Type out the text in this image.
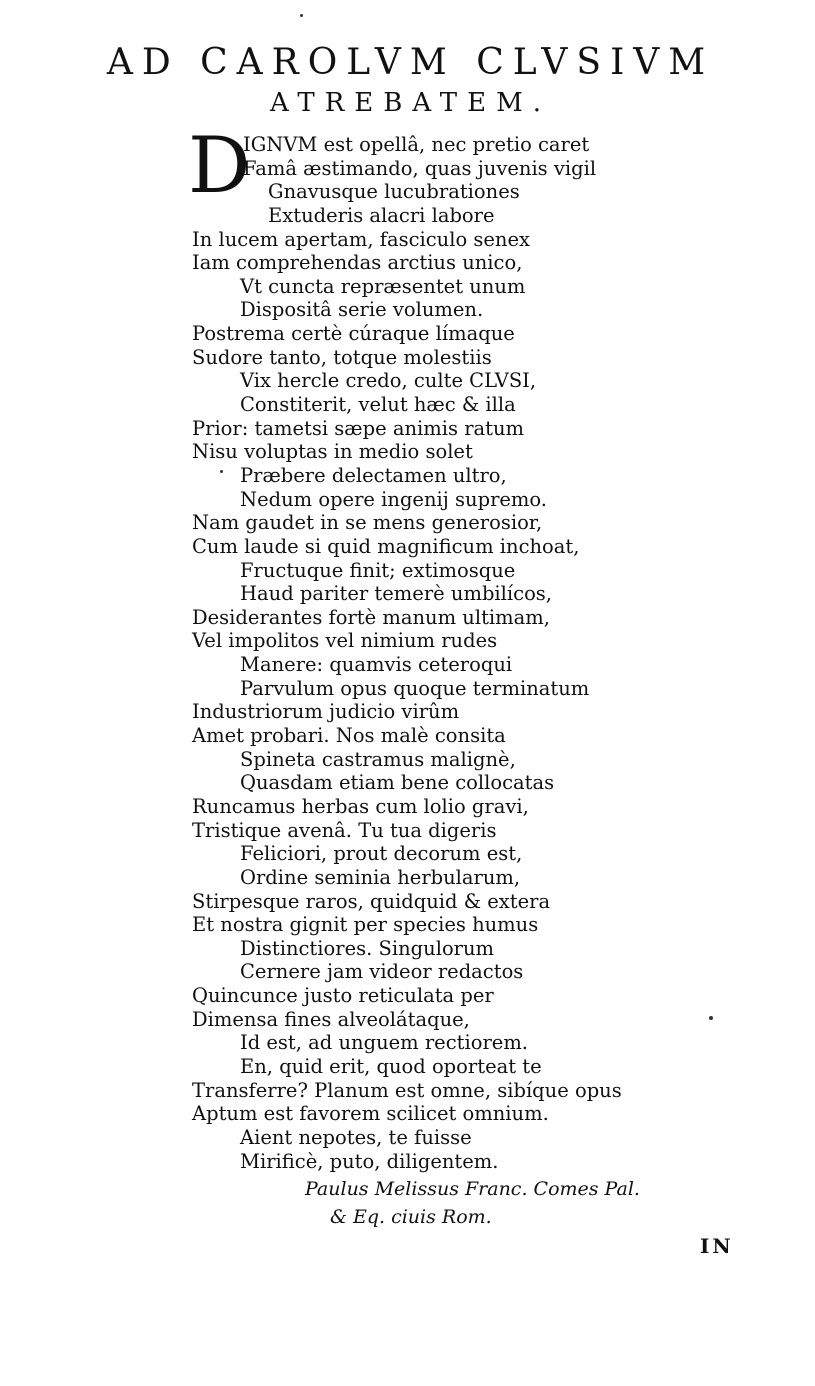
AD CAROLVM CLVSIVM
ATREBATEM.
D
IGNVM est opellâ, nec pretio caret
Famâ æstimando, quas juvenis vigil
Gnavusque lucubrationes
Extuderis alacri labore
In lucem apertam, fasciculo senex
Iam comprehendas arctius unico,
Vt cuncta repræsentet unum
Dispositâ serie volumen.
Postrema certè cúraque límaque
Sudore tanto, totque molestiis
Vix hercle credo, culte CLVSI,
Constiterit, velut hæc & illa
Prior: tametsi sæpe animis ratum
Nisu voluptas in medio solet
Præbere delectamen ultro,
Nedum opere ingenij supremo.
Nam gaudet in se mens generosior,
Cum laude si quid magnificum inchoat,
Fructuque finit; extimosque
Haud pariter temerè umbilícos,
Desiderantes fortè manum ultimam,
Vel impolitos vel nimium rudes
Manere: quamvis ceteroqui
Parvulum opus quoque terminatum
Industriorum judicio virûm
Amet probari. Nos malè consita
Spineta castramus malignè,
Quasdam etiam bene collocatas
Runcamus herbas cum lolio gravi,
Tristique avenâ. Tu tua digeris
Feliciori, prout decorum est,
Ordine seminia herbularum,
Stirpesque raros, quidquid & extera
Et nostra gignit per species humus
Distinctiores. Singulorum
Cernere jam videor redactos
Quincunce justo reticulata per
Dimensa fines alveolátaque,
Id est, ad unguem rectiorem.
En, quid erit, quod oporteat te
Transferre? Planum est omne, sibíque opus
Aptum est favorem scilicet omnium.
Aient nepotes, te fuisse
Mirificè, puto, diligentem.
Paulus Melissus Franc. Comes Pal.
& Eq. ciuis Rom.
IN
